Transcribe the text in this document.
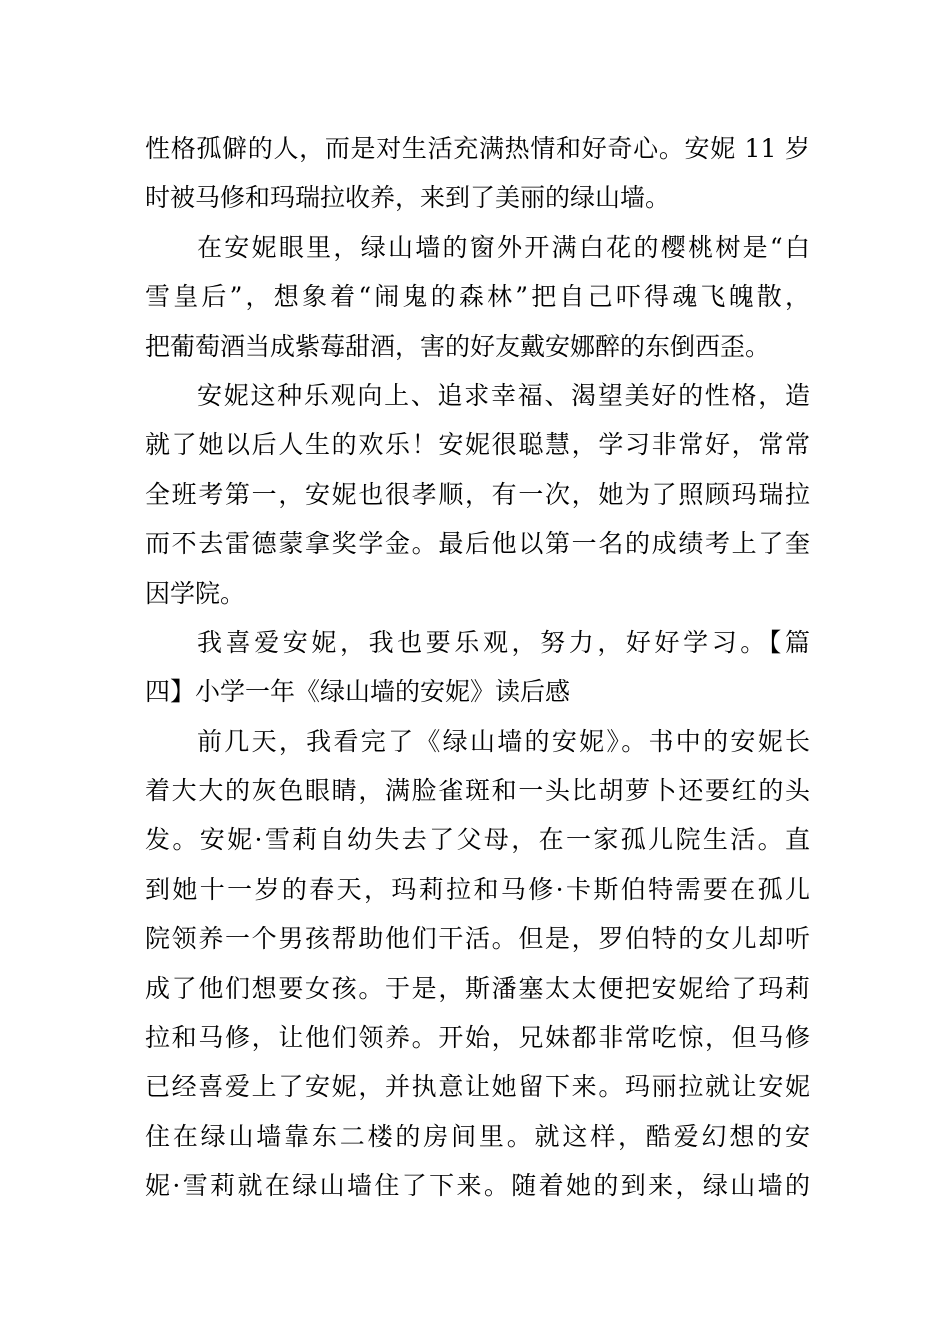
性格孤僻的人，而是对生活充满热情和好奇心。安妮 11 岁
时被马修和玛瑞拉收养，来到了美丽的绿山墙。
在安妮眼里，绿山墙的窗外开满白花的樱桃树是“白
雪皇后”，想象着“闹鬼的森林”把自己吓得魂飞魄散，
把葡萄酒当成紫莓甜酒，害的好友戴安娜醉的东倒西歪。
安妮这种乐观向上、追求幸福、渴望美好的性格，造
就了她以后人生的欢乐！安妮很聪慧，学习非常好，常常
全班考第一，安妮也很孝顺，有一次，她为了照顾玛瑞拉
而不去雷德蒙拿奖学金。最后他以第一名的成绩考上了奎
因学院。
我喜爱安妮，我也要乐观，努力，好好学习。【篇
四】小学一年《绿山墙的安妮》读后感
前几天，我看完了《绿山墙的安妮》。书中的安妮长
着大大的灰色眼睛，满脸雀斑和一头比胡萝卜还要红的头
发。安妮·雪莉自幼失去了父母，在一家孤儿院生活。直
到她十一岁的春天，玛莉拉和马修·卡斯伯特需要在孤儿
院领养一个男孩帮助他们干活。但是，罗伯特的女儿却听
成了他们想要女孩。于是，斯潘塞太太便把安妮给了玛莉
拉和马修，让他们领养。开始，兄妹都非常吃惊，但马修
已经喜爱上了安妮，并执意让她留下来。玛丽拉就让安妮
住在绿山墙靠东二楼的房间里。就这样，酷爱幻想的安
妮·雪莉就在绿山墙住了下来。随着她的到来，绿山墙的
